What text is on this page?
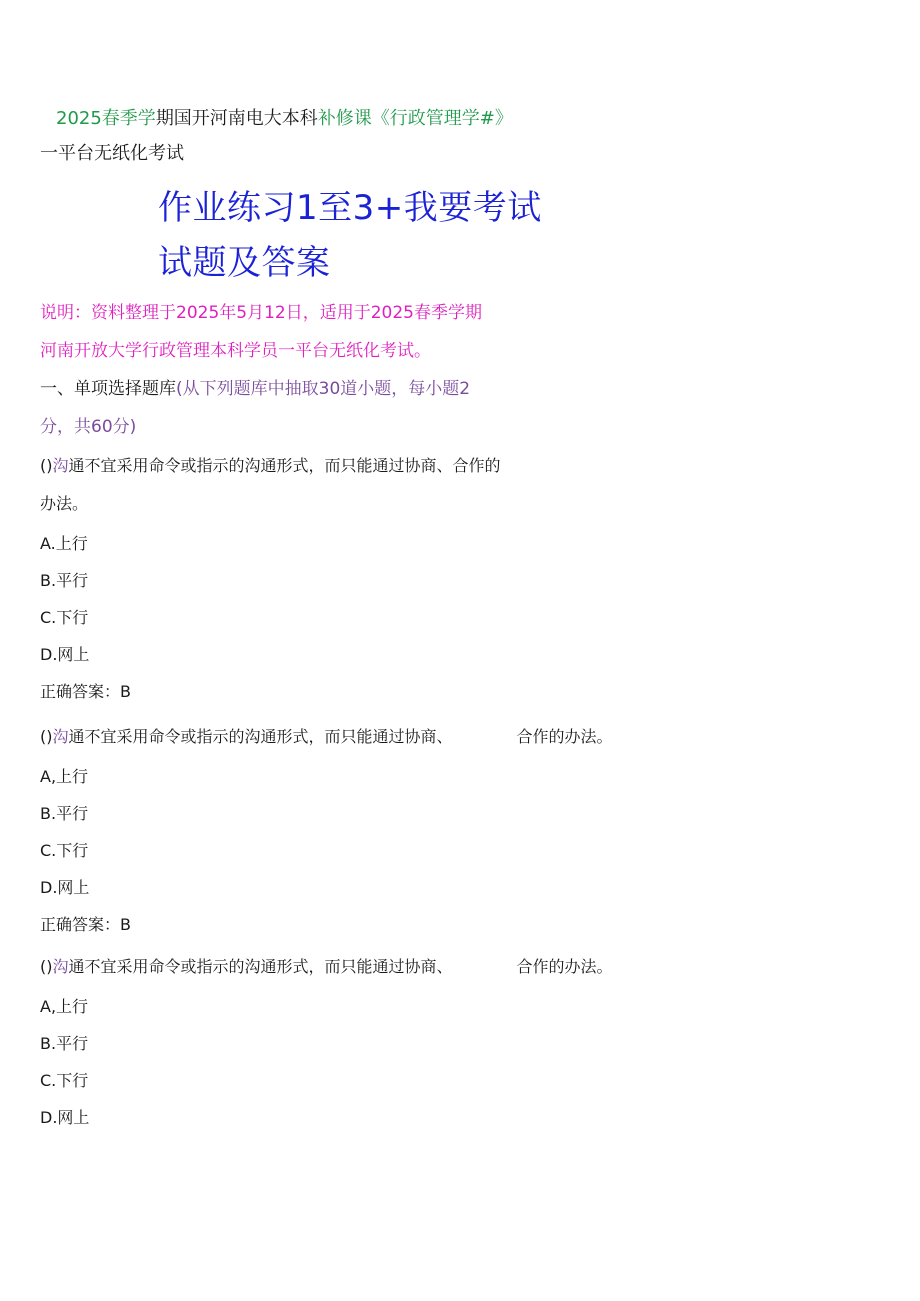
2025春季学期国开河南电大本科补修课《行政管理学#》
一平台无纸化考试
作业练习1至3+我要考试
试题及答案
说明：资料整理于2025年5月12日，适用于2025春季学期
河南开放大学行政管理本科学员一平台无纸化考试。
一、单项选择题库(从下列题库中抽取30道小题，每小题2
分，共60分)
()沟通不宜采用命令或指示的沟通形式，而只能通过协商、合作的
办法。
A.上行
B.平行
C.下行
D.网上
正确答案：B
()沟通不宜采用命令或指示的沟通形式，而只能通过协商、	合作的办法。
A,上行
B.平行
C.下行
D.网上
正确答案：B
()沟通不宜采用命令或指示的沟通形式，而只能通过协商、	合作的办法。
A,上行
B.平行
C.下行
D.网上
